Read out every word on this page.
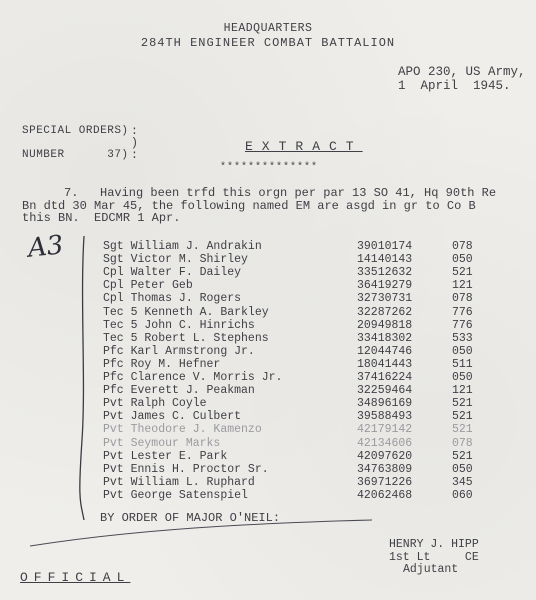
HEADQUARTERS
284TH ENGINEER COMBAT BATTALION
APO 230, US Army,
1  April  1945.
SPECIAL ORDERS)
NUMBER      37)
:
)
:
EXTRACT
**************
7.   Having been trfd this orgn per par 13 SO 41, Hq 90th Re
Bn dtd 30 Mar 45, the following named EM are asgd in gr to Co B
this BN.  EDCMR 1 Apr.
A3	Sgt William J. Andrakin	39010174	078
Sgt Victor M. Shirley	14140143	050
Cpl Walter F. Dailey	33512632	521
Cpl Peter Geb	36419279	121
Cpl Thomas J. Rogers	32730731	078
Tec 5 Kenneth A. Barkley	32287262	776
Tec 5 John C. Hinrichs	20949818	776
Tec 5 Robert L. Stephens	33418302	533
Pfc Karl Armstrong Jr.	12044746	050
Pfc Roy M. Hefner	18041443	511
Pfc Clarence V. Morris Jr.	37416224	050
Pfc Everett J. Peakman	32259464	121
Pvt Ralph Coyle	34896169	521
Pvt James C. Culbert	39588493	521
Pvt Theodore J. Kamenzo	42179142	521
Pvt Seymour Marks	42134606	078
Pvt Lester E. Park	42097620	521
Pvt Ennis H. Proctor Sr.	34763809	050
Pvt William L. Ruphard	36971226	345
Pvt George Satenspiel	42062468	060
BY ORDER OF MAJOR O'NEIL:
HENRY J. HIPP
1st Lt     CE
Adjutant
OFFICIAL
